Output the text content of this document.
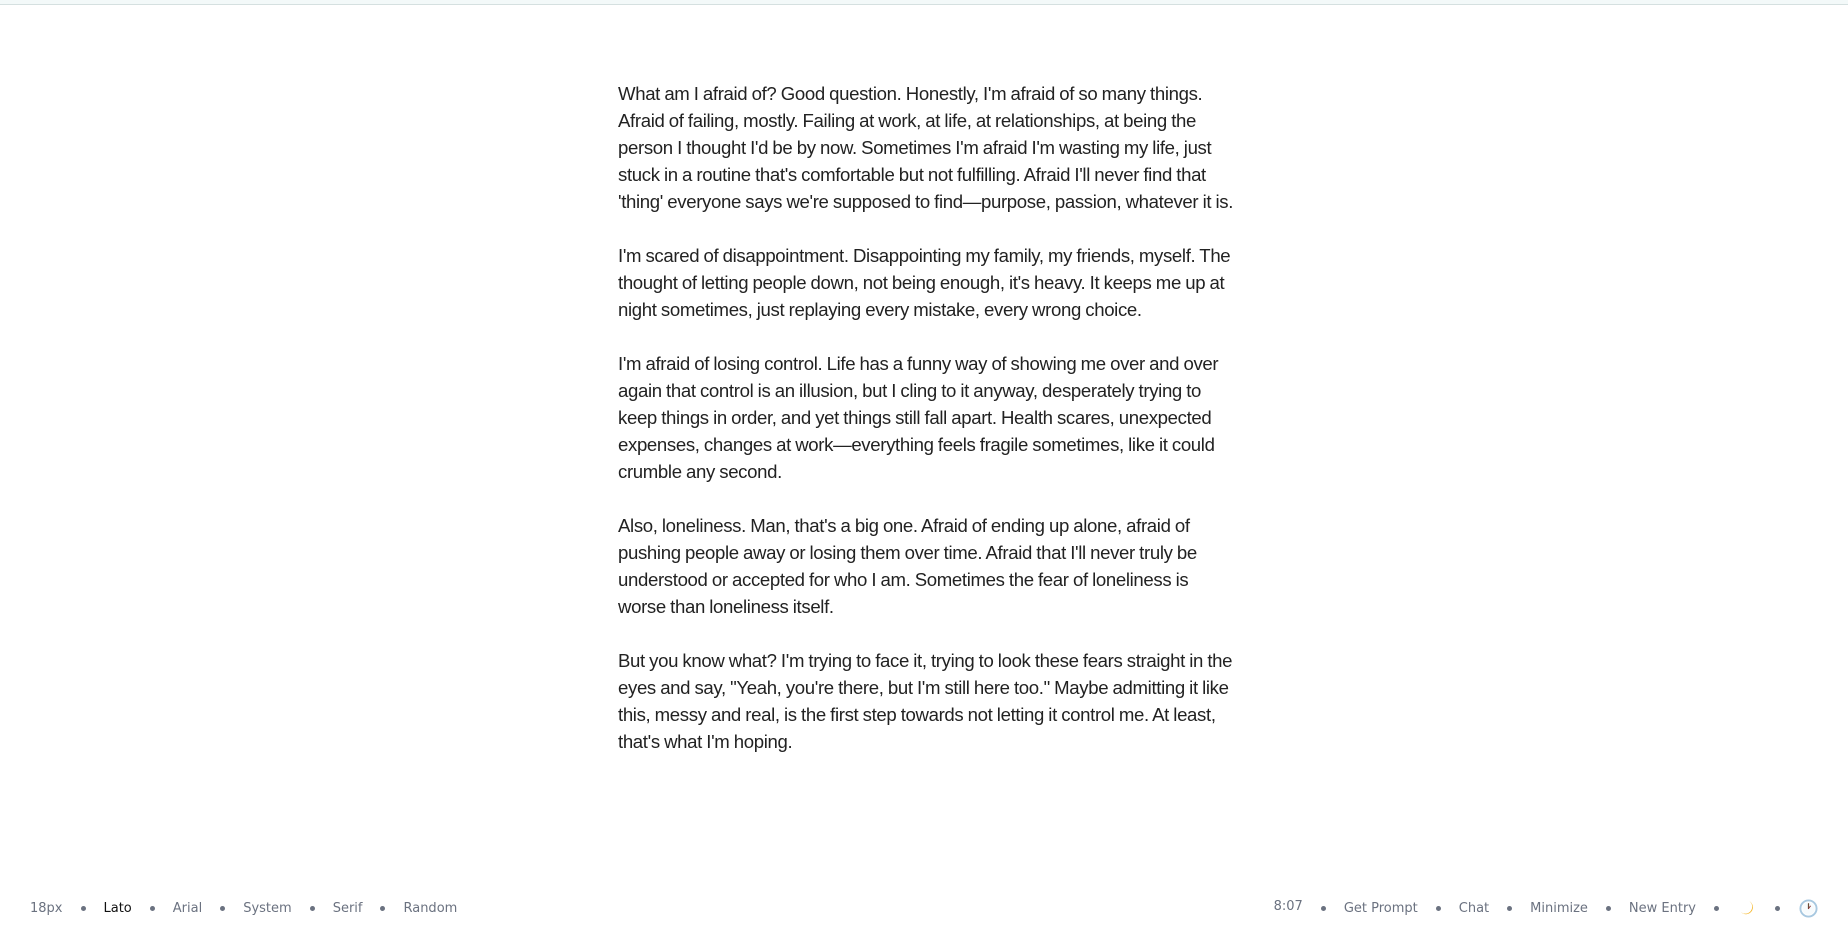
What am I afraid of? Good question. Honestly, I'm afraid of so many things. Afraid of failing, mostly. Failing at work, at life, at relationships, at being the person I thought I'd be by now. Sometimes I'm afraid I'm wasting my life, just stuck in a routine that's comfortable but not fulfilling. Afraid I'll never find that 'thing' everyone says we're supposed to find—purpose, passion, whatever it is.

I'm scared of disappointment. Disappointing my family, my friends, myself. The thought of letting people down, not being enough, it's heavy. It keeps me up at night sometimes, just replaying every mistake, every wrong choice.

I'm afraid of losing control. Life has a funny way of showing me over and over again that control is an illusion, but I cling to it anyway, desperately trying to keep things in order, and yet things still fall apart. Health scares, unexpected expenses, changes at work—everything feels fragile sometimes, like it could crumble any second.

Also, loneliness. Man, that's a big one. Afraid of ending up alone, afraid of pushing people away or losing them over time. Afraid that I'll never truly be understood or accepted for who I am. Sometimes the fear of loneliness is worse than loneliness itself.

But you know what? I'm trying to face it, trying to look these fears straight in the eyes and say, "Yeah, you're there, but I'm still here too." Maybe admitting it like this, messy and real, is the first step towards not letting it control me. At least, that's what I'm hoping.

18px	Lato	Arial	System	Serif	Random	8:07	Get Prompt	Chat	Minimize	New Entry
